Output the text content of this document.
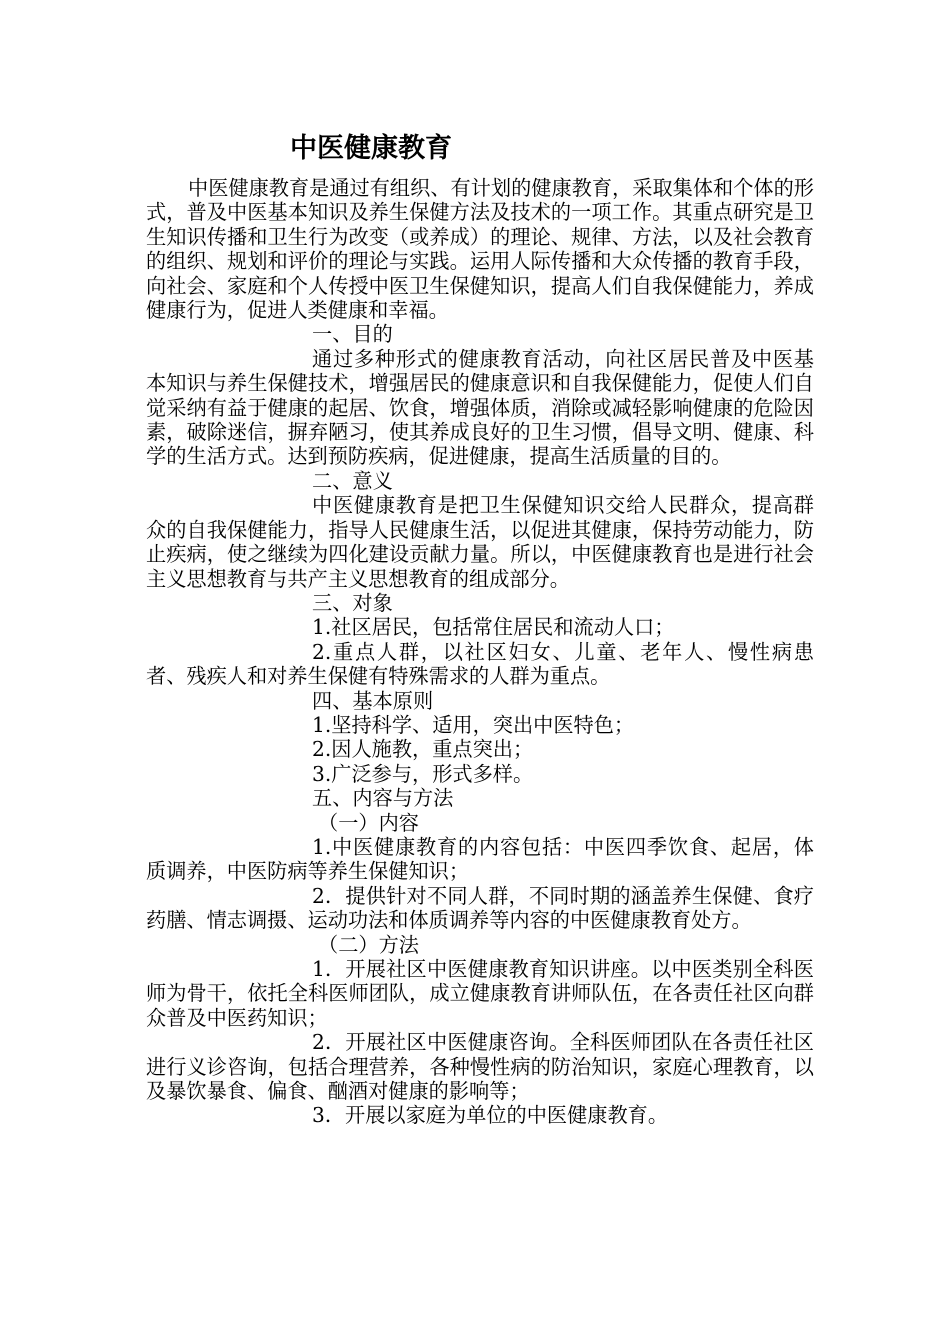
中医健康教育

中医健康教育是通过有组织、有计划的健康教育，采取集体和个体的形式，普及中医基本知识及养生保健方法及技术的一项工作。其重点研究是卫生知识传播和卫生行为改变（或养成）的理论、规律、方法，以及社会教育的组织、规划和评价的理论与实践。运用人际传播和大众传播的教育手段，向社会、家庭和个人传授中医卫生保健知识，提高人们自我保健能力，养成健康行为，促进人类健康和幸福。

一、目的

通过多种形式的健康教育活动，向社区居民普及中医基本知识与养生保健技术，增强居民的健康意识和自我保健能力，促使人们自觉采纳有益于健康的起居、饮食，增强体质，消除或减轻影响健康的危险因素，破除迷信，摒弃陋习，使其养成良好的卫生习惯，倡导文明、健康、科学的生活方式。达到预防疾病，促进健康，提高生活质量的目的。

二、意义

中医健康教育是把卫生保健知识交给人民群众，提高群众的自我保健能力，指导人民健康生活，以促进其健康，保持劳动能力，防止疾病，使之继续为四化建设贡献力量。所以，中医健康教育也是进行社会主义思想教育与共产主义思想教育的组成部分。

三、对象

1.社区居民，包括常住居民和流动人口；

2.重点人群，以社区妇女、儿童、老年人、慢性病患者、残疾人和对养生保健有特殊需求的人群为重点。

四、基本原则

1.坚持科学、适用，突出中医特色；

2.因人施教，重点突出；

3.广泛参与，形式多样。

五、内容与方法

（一）内容

1.中医健康教育的内容包括：中医四季饮食、起居，体质调养，中医防病等养生保健知识；

2．提供针对不同人群，不同时期的涵盖养生保健、食疗药膳、情志调摄、运动功法和体质调养等内容的中医健康教育处方。

（二）方法

1．开展社区中医健康教育知识讲座。以中医类别全科医师为骨干，依托全科医师团队，成立健康教育讲师队伍，在各责任社区向群众普及中医药知识；

2．开展社区中医健康咨询。全科医师团队在各责任社区进行义诊咨询，包括合理营养，各种慢性病的防治知识，家庭心理教育，以及暴饮暴食、偏食、酗酒对健康的影响等；

3．开展以家庭为单位的中医健康教育。
